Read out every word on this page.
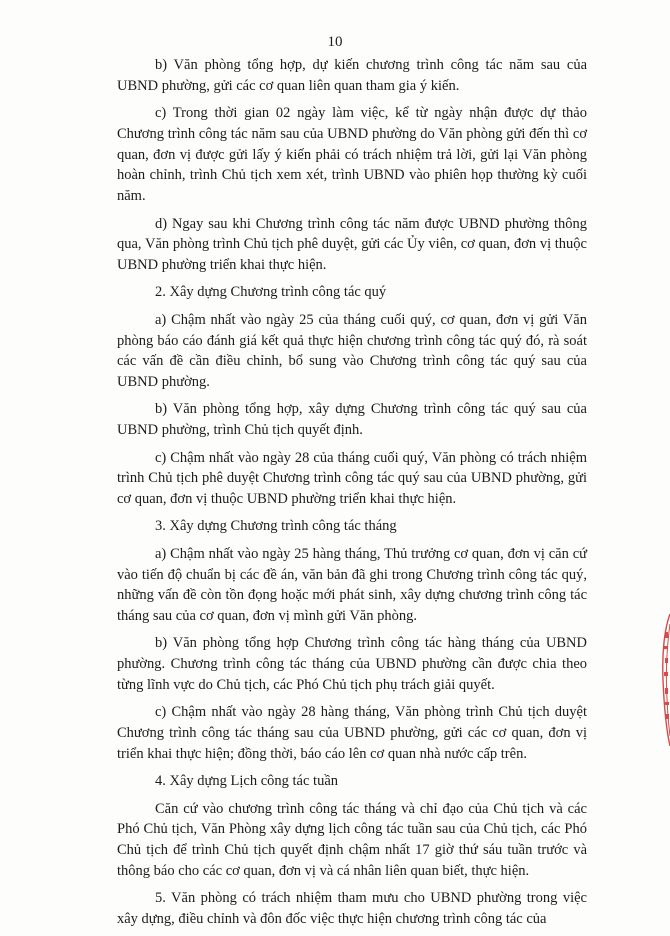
10

b) Văn phòng tổng hợp, dự kiến chương trình công tác năm sau của UBND phường, gửi các cơ quan liên quan tham gia ý kiến.

c) Trong thời gian 02 ngày làm việc, kể từ ngày nhận được dự thảo Chương trình công tác năm sau của UBND phường do Văn phòng gửi đến thì cơ quan, đơn vị được gửi lấy ý kiến phải có trách nhiệm trả lời, gửi lại Văn phòng hoàn chỉnh, trình Chủ tịch xem xét, trình UBND vào phiên họp thường kỳ cuối năm.

d) Ngay sau khi Chương trình công tác năm được UBND phường thông qua, Văn phòng trình Chủ tịch phê duyệt, gửi các Ủy viên, cơ quan, đơn vị thuộc UBND phường triển khai thực hiện.

2. Xây dựng Chương trình công tác quý

a) Chậm nhất vào ngày 25 của tháng cuối quý, cơ quan, đơn vị gửi Văn phòng báo cáo đánh giá kết quả thực hiện chương trình công tác quý đó, rà soát các vấn đề cần điều chỉnh, bổ sung vào Chương trình công tác quý sau của UBND phường.

b) Văn phòng tổng hợp, xây dựng Chương trình công tác quý sau của UBND phường, trình Chủ tịch quyết định.

c) Chậm nhất vào ngày 28 của tháng cuối quý, Văn phòng có trách nhiệm trình Chủ tịch phê duyệt Chương trình công tác quý sau của UBND phường, gửi cơ quan, đơn vị thuộc UBND phường triển khai thực hiện.

3. Xây dựng Chương trình công tác tháng

a) Chậm nhất vào ngày 25 hàng tháng, Thủ trưởng cơ quan, đơn vị căn cứ vào tiến độ chuẩn bị các đề án, văn bản đã ghi trong Chương trình công tác quý, những vấn đề còn tồn đọng hoặc mới phát sinh, xây dựng chương trình công tác tháng sau của cơ quan, đơn vị mình gửi Văn phòng.

b) Văn phòng tổng hợp Chương trình công tác hàng tháng của UBND phường. Chương trình công tác tháng của UBND phường cần được chia theo từng lĩnh vực do Chủ tịch, các Phó Chủ tịch phụ trách giải quyết.

c) Chậm nhất vào ngày 28 hàng tháng, Văn phòng trình Chủ tịch duyệt Chương trình công tác tháng sau của UBND phường, gửi các cơ quan, đơn vị triển khai thực hiện; đồng thời, báo cáo lên cơ quan nhà nước cấp trên.

4. Xây dựng Lịch công tác tuần

Căn cứ vào chương trình công tác tháng và chỉ đạo của Chủ tịch và các Phó Chủ tịch, Văn Phòng xây dựng lịch công tác tuần sau của Chủ tịch, các Phó Chủ tịch để trình Chủ tịch quyết định chậm nhất 17 giờ thứ sáu tuần trước và thông báo cho các cơ quan, đơn vị và cá nhân liên quan biết, thực hiện.

5. Văn phòng có trách nhiệm tham mưu cho UBND phường trong việc xây dựng, điều chỉnh và đôn đốc việc thực hiện chương trình công tác của
